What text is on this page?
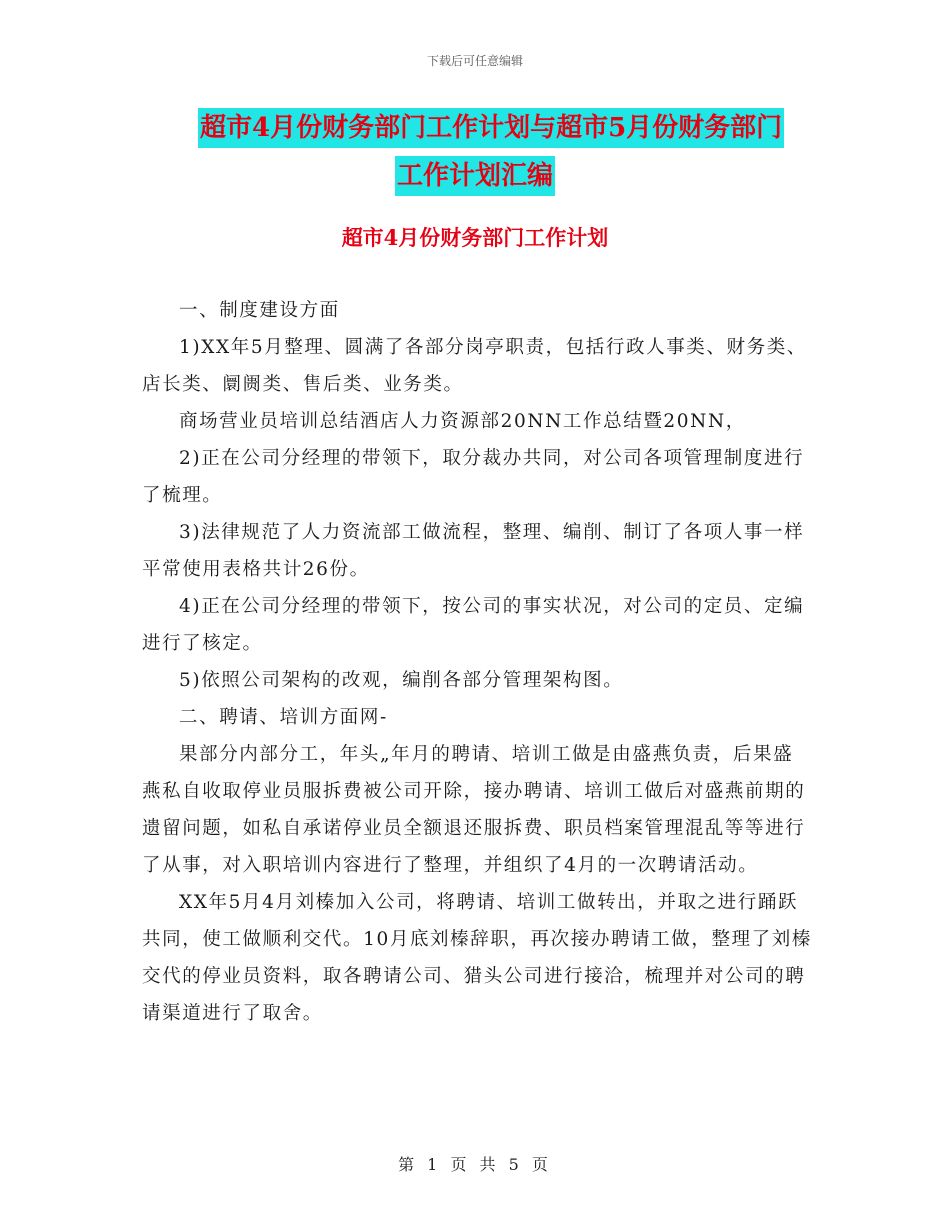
下载后可任意编辑
超市4月份财务部门工作计划与超市5月份财务部门
工作计划汇编
超市4月份财务部门工作计划

一、制度建设方面

1)XX年5月整理、圆满了各部分岗亭职责，包括行政人事类、财务类、店长类、阛阓类、售后类、业务类。

商场营业员培训总结酒店人力资源部20NN工作总结暨20NN，

2)正在公司分经理的带领下，取分裁办共同，对公司各项管理制度进行了梳理。

3)法律规范了人力资流部工做流程，整理、编削、制订了各项人事一样平常使用表格共计26份。

4)正在公司分经理的带领下，按公司的事实状况，对公司的定员、定编进行了核定。

5)依照公司架构的改观，编削各部分管理架构图。

二、聘请、培训方面网-

果部分内部分工，年头„年月的聘请、培训工做是由盛燕负责，后果盛燕私自收取停业员服拆费被公司开除，接办聘请、培训工做后对盛燕前期的遗留问题，如私自承诺停业员全额退还服拆费、职员档案管理混乱等等进行了从事，对入职培训内容进行了整理，并组织了4月的一次聘请活动。

XX年5月4月刘榛加入公司，将聘请、培训工做转出，并取之进行踊跃共同，使工做顺利交代。10月底刘榛辞职，再次接办聘请工做，整理了刘榛交代的停业员资料，取各聘请公司、猎头公司进行接洽，梳理并对公司的聘请渠道进行了取舍。

第 1 页 共 5 页
